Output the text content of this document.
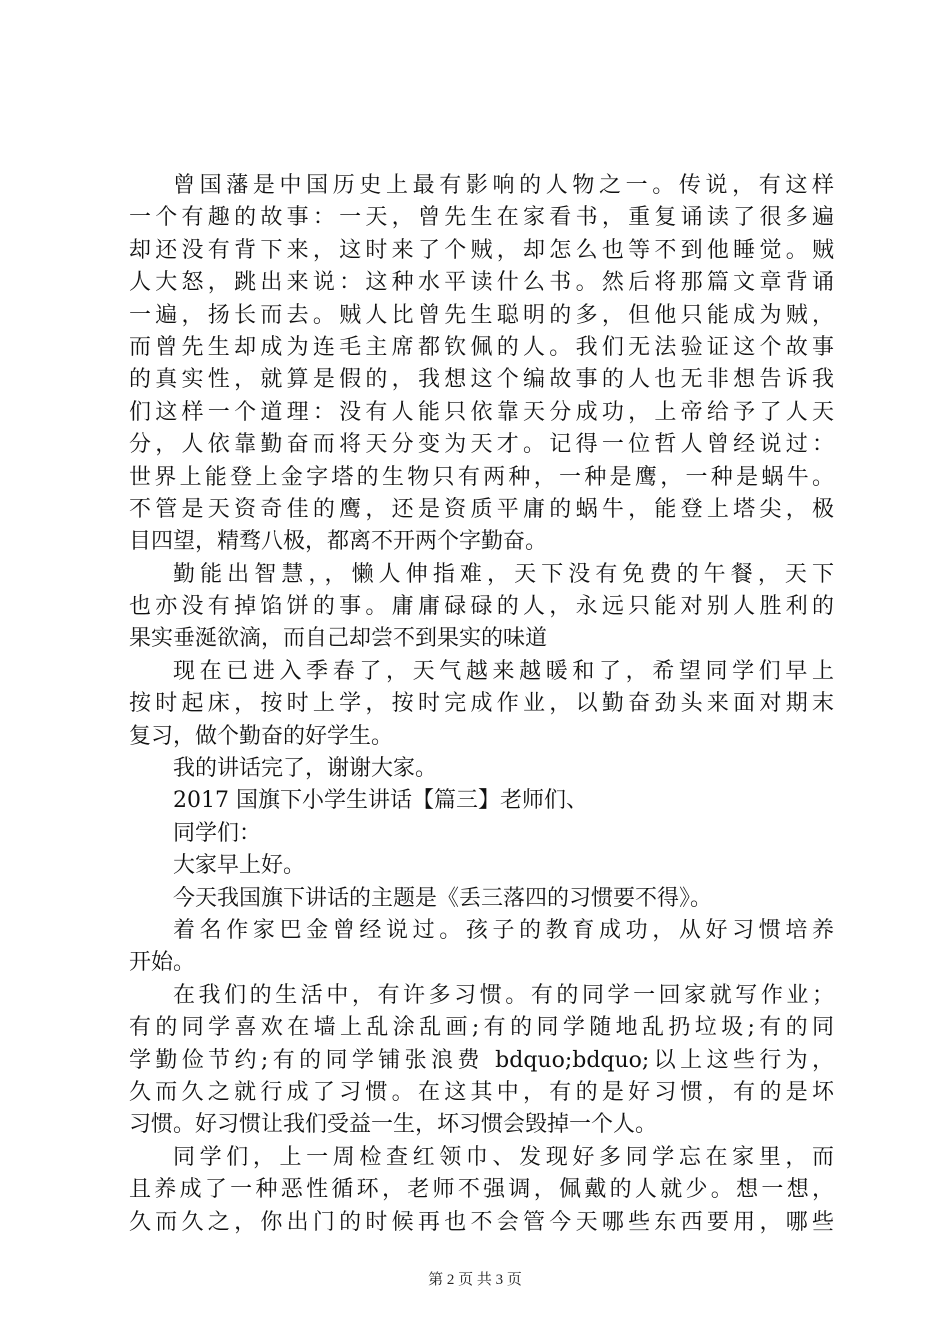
曾国藩是中国历史上最有影响的人物之一。传说，有这样
一个有趣的故事：一天，曾先生在家看书，重复诵读了很多遍
却还没有背下来，这时来了个贼，却怎么也等不到他睡觉。贼
人大怒，跳出来说：这种水平读什么书。然后将那篇文章背诵
一遍，扬长而去。贼人比曾先生聪明的多，但他只能成为贼，
而曾先生却成为连毛主席都钦佩的人。我们无法验证这个故事
的真实性，就算是假的，我想这个编故事的人也无非想告诉我
们这样一个道理：没有人能只依靠天分成功，上帝给予了人天
分，人依靠勤奋而将天分变为天才。记得一位哲人曾经说过：
世界上能登上金字塔的生物只有两种，一种是鹰，一种是蜗牛。
不管是天资奇佳的鹰，还是资质平庸的蜗牛，能登上塔尖，极
目四望，精骛八极，都离不开两个字勤奋。
勤能出智慧，，懒人伸指难，天下没有免费的午餐，天下
也亦没有掉馅饼的事。庸庸碌碌的人，永远只能对别人胜利的
果实垂涎欲滴，而自己却尝不到果实的味道
现在已进入季春了，天气越来越暖和了，希望同学们早上
按时起床，按时上学，按时完成作业，以勤奋劲头来面对期末
复习，做个勤奋的好学生。
我的讲话完了，谢谢大家。
2017 国旗下小学生讲话【篇三】老师们、
同学们：
大家早上好。
今天我国旗下讲话的主题是《丢三落四的习惯要不得》。
着名作家巴金曾经说过。孩子的教育成功，从好习惯培养
开始。
在我们的生活中，有许多习惯。有的同学一回家就写作业；
有的同学喜欢在墙上乱涂乱画;有的同学随地乱扔垃圾;有的同
学勤俭节约;有的同学铺张浪费 bdquo;bdquo;以上这些行为，
久而久之就行成了习惯。在这其中，有的是好习惯，有的是坏
习惯。好习惯让我们受益一生，坏习惯会毁掉一个人。
同学们，上一周检查红领巾、发现好多同学忘在家里，而
且养成了一种恶性循环，老师不强调，佩戴的人就少。想一想，
久而久之，你出门的时候再也不会管今天哪些东西要用，哪些
第 2 页 共 3 页
